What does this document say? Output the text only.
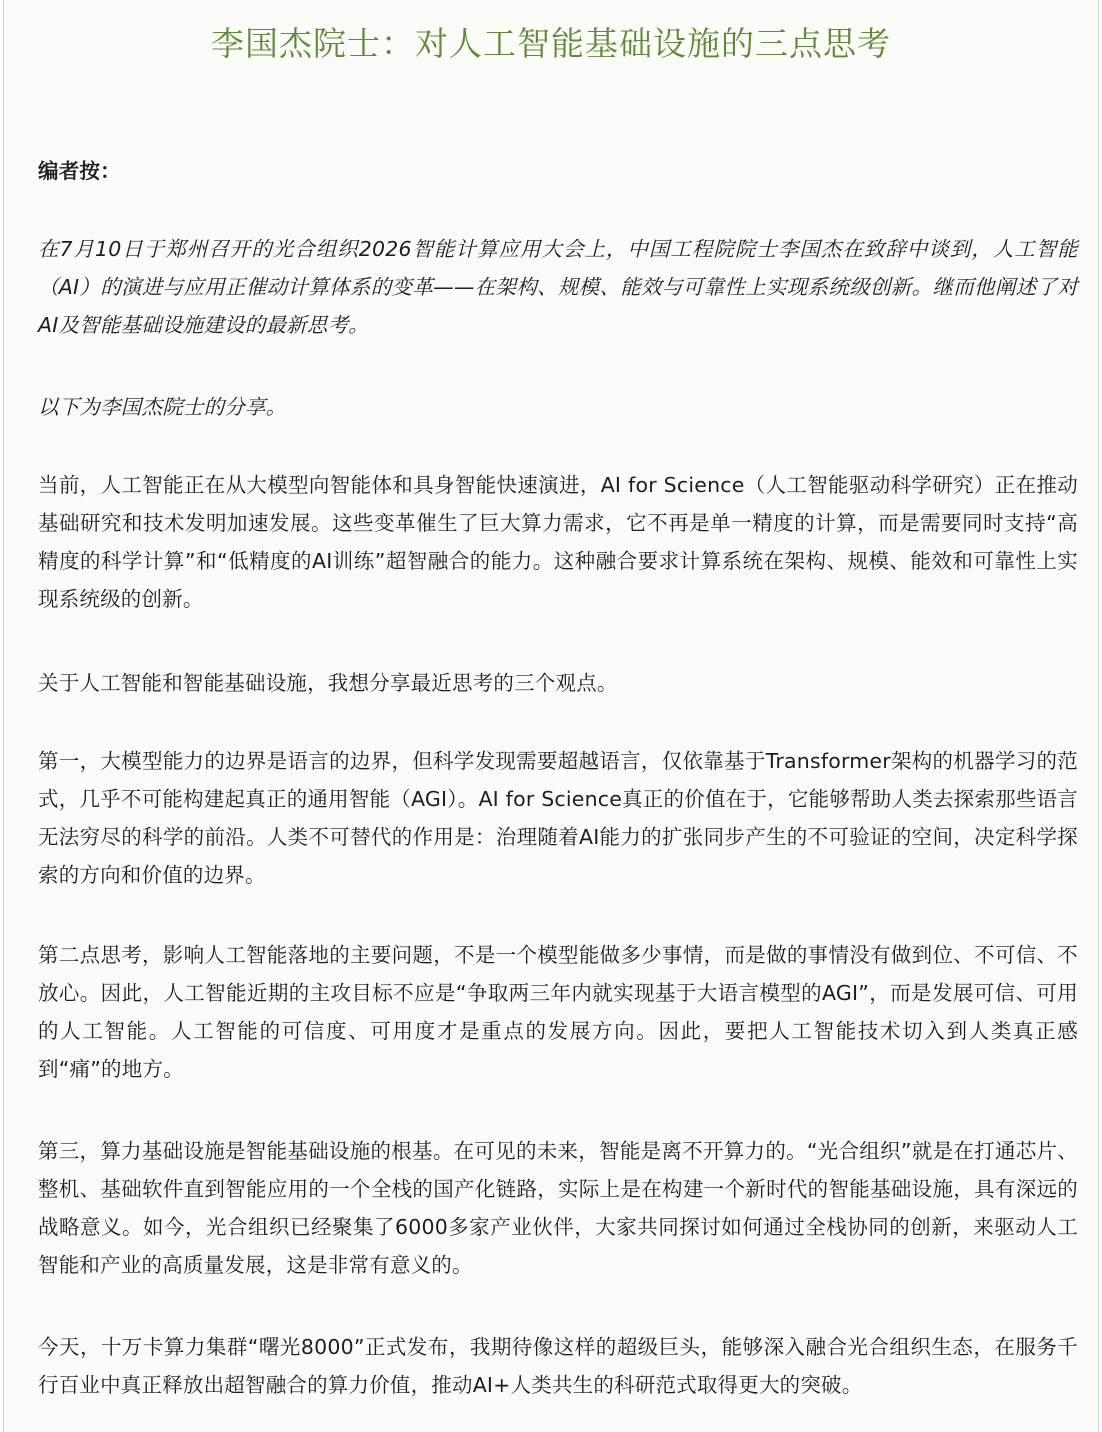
李国杰院士：对人工智能基础设施的三点思考

编者按：

在7月10日于郑州召开的光合组织2026智能计算应用大会上，中国工程院院士李国杰在致辞中谈到，人工智能（AI）的演进与应用正催动计算体系的变革——在架构、规模、能效与可靠性上实现系统级创新。继而他阐述了对AI及智能基础设施建设的最新思考。

以下为李国杰院士的分享。

当前，人工智能正在从大模型向智能体和具身智能快速演进，AI for Science（人工智能驱动科学研究）正在推动基础研究和技术发明加速发展。这些变革催生了巨大算力需求，它不再是单一精度的计算，而是需要同时支持“高精度的科学计算”和“低精度的AI训练”超智融合的能力。这种融合要求计算系统在架构、规模、能效和可靠性上实现系统级的创新。

关于人工智能和智能基础设施，我想分享最近思考的三个观点。

第一，大模型能力的边界是语言的边界，但科学发现需要超越语言，仅依靠基于Transformer架构的机器学习的范式，几乎不可能构建起真正的通用智能（AGI）。AI for Science真正的价值在于，它能够帮助人类去探索那些语言无法穷尽的科学的前沿。人类不可替代的作用是：治理随着AI能力的扩张同步产生的不可验证的空间，决定科学探索的方向和价值的边界。

第二点思考，影响人工智能落地的主要问题，不是一个模型能做多少事情，而是做的事情没有做到位、不可信、不放心。因此，人工智能近期的主攻目标不应是“争取两三年内就实现基于大语言模型的AGI”，而是发展可信、可用的人工智能。人工智能的可信度、可用度才是重点的发展方向。因此，要把人工智能技术切入到人类真正感到“痛”的地方。

第三，算力基础设施是智能基础设施的根基。在可见的未来，智能是离不开算力的。“光合组织”就是在打通芯片、整机、基础软件直到智能应用的一个全栈的国产化链路，实际上是在构建一个新时代的智能基础设施，具有深远的战略意义。如今，光合组织已经聚集了6000多家产业伙伴，大家共同探讨如何通过全栈协同的创新，来驱动人工智能和产业的高质量发展，这是非常有意义的。

今天，十万卡算力集群“曙光8000”正式发布，我期待像这样的超级巨头，能够深入融合光合组织生态，在服务千行百业中真正释放出超智融合的算力价值，推动AI+人类共生的科研范式取得更大的突破。
